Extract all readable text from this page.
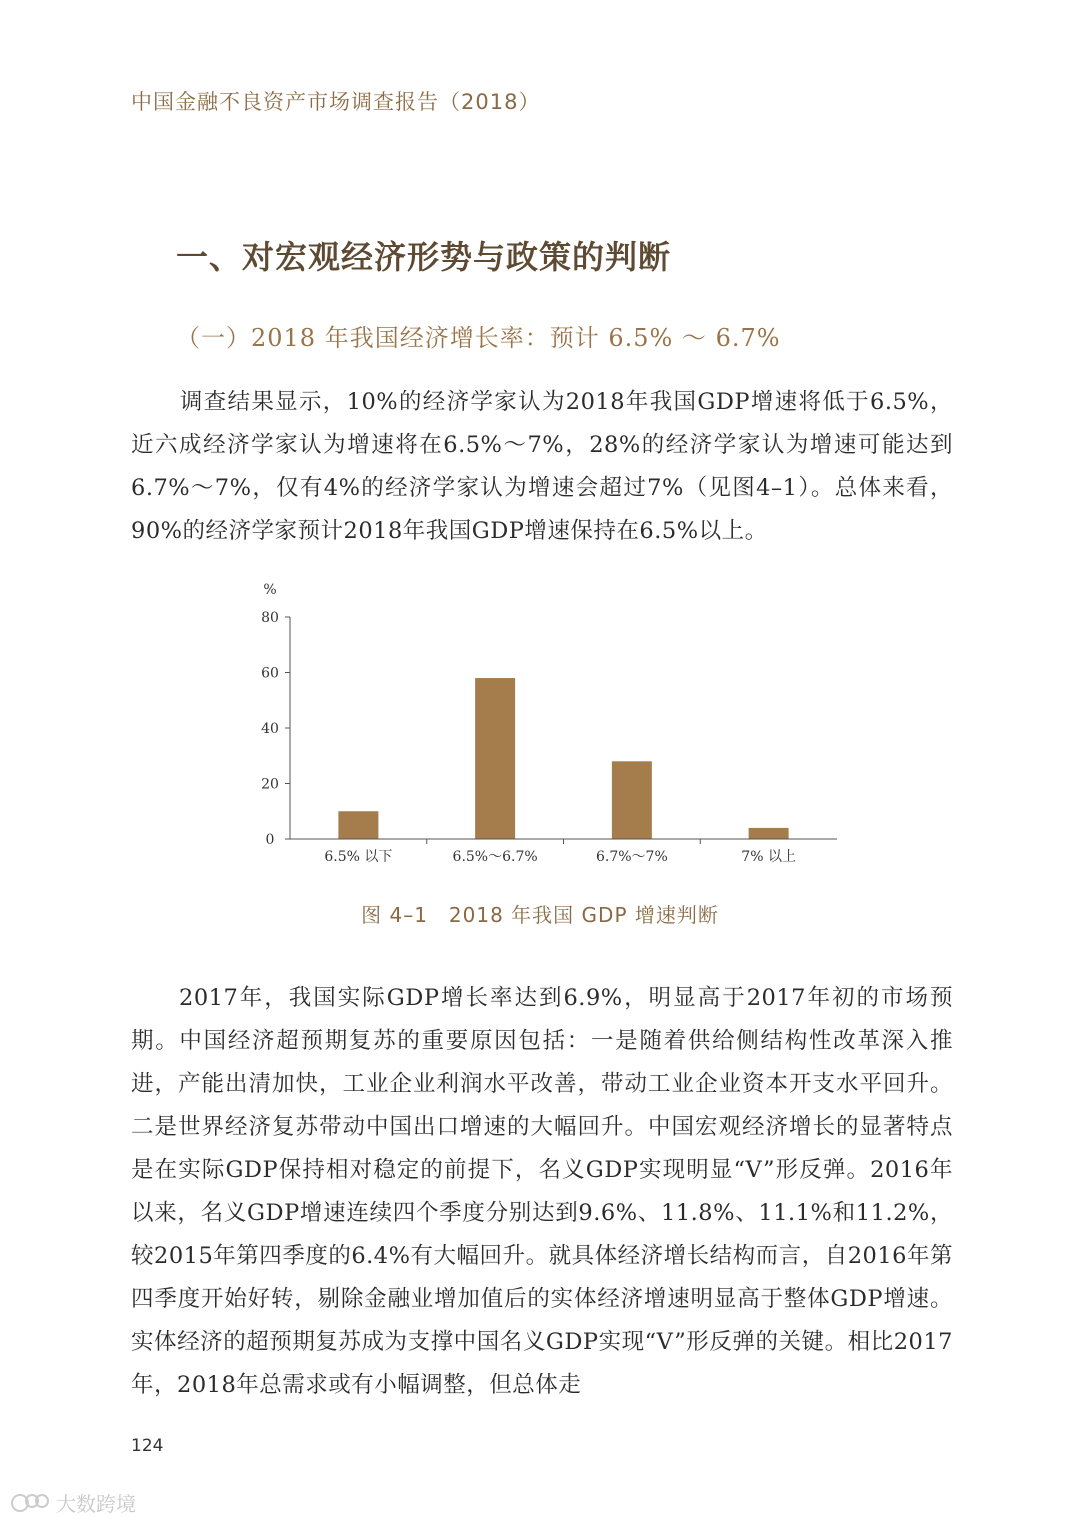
中国金融不良资产市场调查报告（2018）
一、对宏观经济形势与政策的判断
（一）2018 年我国经济增长率：预计 6.5% ～ 6.7%

调查结果显示，10%的经济学家认为2018年我国GDP增速将低于6.5%，近六成经济学家认为增速将在6.5%～7%，28%的经济学家认为增速可能达到6.7%～7%，仅有4%的经济学家认为增速会超过7%（见图4–1）。总体来看，90%的经济学家预计2018年我国GDP增速保持在6.5%以上。

%
0
20
40
60
80
6.5% 以下	6.5%～6.7%	6.7%～7%	7% 以上
图 4–1　2018 年我国 GDP 增速判断

2017年，我国实际GDP增长率达到6.9%，明显高于2017年初的市场预期。中国经济超预期复苏的重要原因包括：一是随着供给侧结构性改革深入推进，产能出清加快，工业企业利润水平改善，带动工业企业资本开支水平回升。二是世界经济复苏带动中国出口增速的大幅回升。中国宏观经济增长的显著特点是在实际GDP保持相对稳定的前提下，名义GDP实现明显“V”形反弹。2016年以来，名义GDP增速连续四个季度分别达到9.6%、11.8%、11.1%和11.2%，较2015年第四季度的6.4%有大幅回升。就具体经济增长结构而言，自2016年第四季度开始好转，剔除金融业增加值后的实体经济增速明显高于整体GDP增速。实体经济的超预期复苏成为支撑中国名义GDP实现“V”形反弹的关键。相比2017年，2018年总需求或有小幅调整，但总体走

124
大数跨境
